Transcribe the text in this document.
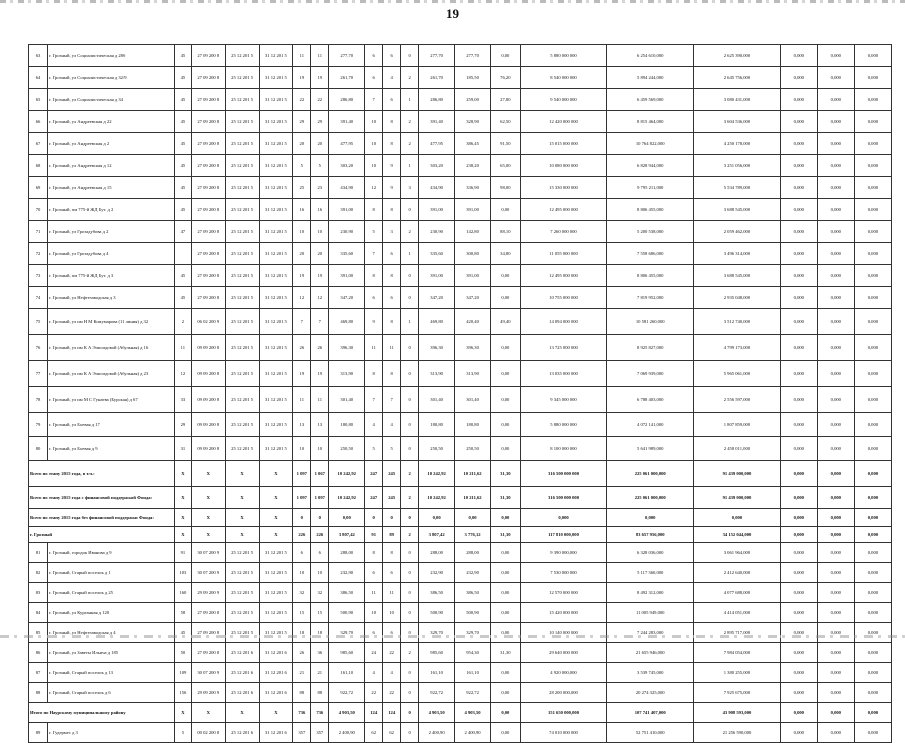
19
63	г. Грозный, ул Социалистическая д 28б	45	27 09 200 8	25 12 201 5	31 12 201 5	11	11	277,70	6	6	0	277,70	277,70	0,00	5 880 000 000	6 254 610,000	2 625 390,000	0,000	0,000	0,000
64	г. Грозный, ул Социалистическая д 32/9	45	27 09 200 8	25 12 201 5	31 12 201 5	19	19	261,70	6	4	2	261,70	185,50	76,20	8 540 000 000	5 894 244,000	2 645 756,000	0,000	0,000	0,000
65	г. Грозный, ул Социалистическая д 34	45	27 09 200 8	25 12 201 5	31 12 201 5	22	22	286,80	7	6	1	286,80	259,00	27,80	9 540 000 000	6 459 569,000	3 080 431,000	0,000	0,000	0,000
66	г. Грозный, ул Андреевская д 22	45	27 09 200 8	25 12 201 5	31 12 201 5	29	29	391,40	10	8	2	391,40	328,90	62,50	12 420 000 000	8 815 464,000	3 604 536,000	0,000	0,000	0,000
67	г. Грозный, ул Андреевская д 2	45	27 09 200 8	25 12 201 5	31 12 201 5	20	20	477,95	10	8	2	477,95	386,45	91,50	15 015 000 000	10 764 822,000	4 250 178,000	0,000	0,000	0,000
68	г. Грозный, ул Андреевская д 12	45	27 09 200 8	25 12 201 5	31 12 201 5	5	5	303,20	10	9	1	303,20	238,20	65,00	10 080 000 000	6 828 944,000	3 251 056,000	0,000	0,000	0,000
69	г. Грозный, ул Андреевская д 15	45	27 09 200 8	25 12 201 5	31 12 201 5	25	23	434,90	12	9	3	434,90	336,90	98,00	15 330 000 000	9 795 211,000	5 534 789,000	0,000	0,000	0,000
70	г. Грозный, пм 775-й ЖД Бут. д 2	45	27 09 200 8	25 12 201 5	31 12 201 5	16	16	391,00	8	8	0	391,00	391,00	0,00	12 495 000 000	8 806 455,000	3 688 545,000	0,000	0,000	0,000
71	г. Грозный, ул Грозадубова д 2	47	27 09 200 8	25 12 201 5	31 12 201 5	10	10	230,90	5	3	2	230,90	142,80	88,10	7 260 000 000	5 200 538,000	2 059 462,000	0,000	0,000	0,000
72	г. Грозный, ул Грозадубова д 4		27 09 200 8	25 12 201 5	31 12 201 5	20	20	335,60	7	6	1	335,60	300,80	34,80	11 055 000 000	7 558 686,000	3 496 314,000	0,000	0,000	0,000
73	г. Грозный, пм 775-й ЖД Бут. д 3	45	27 09 200 8	25 12 201 5	31 12 201 5	19	19	391,00	8	8	0	391,00	391,00	0,00	12 495 000 000	8 806 455,000	3 688 545,000	0,000	0,000	0,000
74	г. Грозный, ул Нефтезаводская д 3	45	27 09 200 8	25 12 201 5	31 12 201 5	12	12	347,20	6	6	0	347,20	347,20	0,00	10 755 000 000	7 819 952,000	2 935 048,000	0,000	0,000	0,000
75	г. Грозный, ул им Н М Комумарова (11 линия) д 32	2	06 02 200 9	25 12 201 5	31 12 201 5	7	7	469,80	9	8	1	469,80	420,40	49,40	14 094 000 000	10 581 260,000	3 512 740,000	0,000	0,000	0,000
76	г. Грозный, ул им К А Эписидовой (Абульная) д 16	11	09 09 200 8	25 12 201 5	31 12 201 5	26	26	396,30	11	11	0	396,30	396,30	0,00	13 725 000 000	8 925 827,000	4 799 173,000	0,000	0,000	0,000
77	г. Грозный, ул им К А Эписидовой (Абульная) д 23	12	09 09 200 8	25 12 201 5	31 12 201 5	19	19	313,90	8	8	0	313,90	313,90	0,00	13 035 000 000	7 069 939,000	5 965 061,000	0,000	0,000	0,000
78	г. Грозный, ул им М С Гунаева (Бурская) д 67	33	09 09 200 8	25 12 201 5	31 12 201 5	11	11	301,40	7	7	0	301,40	301,40	0,00	9 345 000 000	6 788 403,000	2 556 597,000	0,000	0,000	0,000
79	г. Грозный, ул Боевая д 17	29	09 09 200 8	25 12 201 5	31 12 201 5	13	13	180,80	4	4	0	180,80	180,80	0,00	5 880 000 000	4 072 141,000	1 807 859,000	0,000	0,000	0,000
80	г. Грозный, ул Боевая д 9	31	09 09 200 8	25 12 201 5	31 12 201 5	10	10	250,50	5	5	0	250,50	250,50	0,00	8 100 000 000	5 641 989,000	2 458 011,000	0,000	0,000	0,000
Всего по этапу 2015 года, в т.ч.:		X	X	X	X	1 097	1 067	10 242,92	247	245	2	10 242,92	10 211,62	31,30	316 500 000 000	225 061 000,000	91 439 000,000	0,000	0,000	0,000
Всего по этапу 2015 года с финансовой поддержкой Фонда:		X	X	X	X	1 097	1 097	10 242,92	247	245	2	10 242,92	10 211,62	31,30	316 500 000 000	225 061 000,000	91 439 000,000	0,000	0,000	0,000
Всего по этапу 2015 года без финансовой поддержки Фонда:		X	X	X	X	0	0	0,00	0	0	0	0,00	0,00	0,00	0,000	0,000	0,000	0,000	0,000	0,000
г. Грозный		X	X	X	X	226	226	3 807,42	91	89	2	3 807,42	3 776,12	31,30	117 810 000,000	83 657 956,000	34 152 044,000	0,000	0,000	0,000
81	г. Грозный, городок Иванова д 9	91	30 07 200 9	25 12 201 5	31 12 201 5	6	6	288,00	8	8	0	288,00	288,00	0,00	9 390 000,000	6 328 036,000	3 061 964,000	0,000	0,000	0,000
82	г. Грозный, Старый поселок д 1	103	30 07 200 9	25 12 201 5	31 12 201 5	10	10	232,90	6	6	0	232,90	232,90	0,00	7 530 000 000	5 117 360,000	2 412 640,000	0,000	0,000	0,000
83	г. Грозный, Старый поселок д 25	160	29 09 200 9	25 12 201 5	31 12 201 5	32	32	386,50	11	11	0	386,50	386,50	0,00	12 570 000 000	8 492 312,000	4 077 688,000	0,000	0,000	0,000
84	г. Грозный, ул Курганная д 120	58	27 09 200 8	25 12 201 5	31 12 201 5	15	15	500,90	10	10	0	500,90	500,90	0,00	15 420 000 000	11 005 949,000	4 414 051,000	0,000	0,000	0,000
85	г. Грозный, ул Нефтезаводская д 4	45	27 09 200 8	25 12 201 5	31 12 201 5	18	18	329,70	6	6	0	329,70	329,70	0,00	10 140 000 000	7 244 283,000	2 895 717,000	0,000	0,000	0,000
86	г. Грозный, ул Заветы Ильича д 185	50	27 09 200 8	25 12 201 6	31 12 201 6	26	36	985,60	24	22	2	985,60	954,30	31,30	29 640 000 000	21 655 946,000	7 984 054,000	0,000	0,000	0,000
87	г. Грозный, Старый поселок д 13	109	30 07 200 9	25 12 201 6	31 12 201 6	21	21	161,10	4	4	0	161,10	161,10	0,00	4 920 000,000	3 539 745,000	1 380 255,000	0,000	0,000	0,000
88	г. Грозный, Старый поселок д 6	156	29 09 200 9	25 12 201 6	31 12 201 6	88	88	922,72	22	22	0	922,72	922,72	0,00	28 200 000,000	20 274 325,000	7 925 675,000	0,000	0,000	0,000
Итого по Наурскому муниципальному району		X	X	X	X	736	736	4 903,50	124	124	0	4 903,50	4 903,50	0,00	151 650 000,000	107 741 407,000	43 908 593,000	0,000	0,000	0,000
89	г. Гудермес д 3	5	00 02 200 8	25 12 201 6	31 12 201 6	357	357	2 400,90	62	62	0	2 400,90	2 400,90	0,00	74 010 000 000	52 751 410,000	21 256 590,000	0,000	0,000	0,000
